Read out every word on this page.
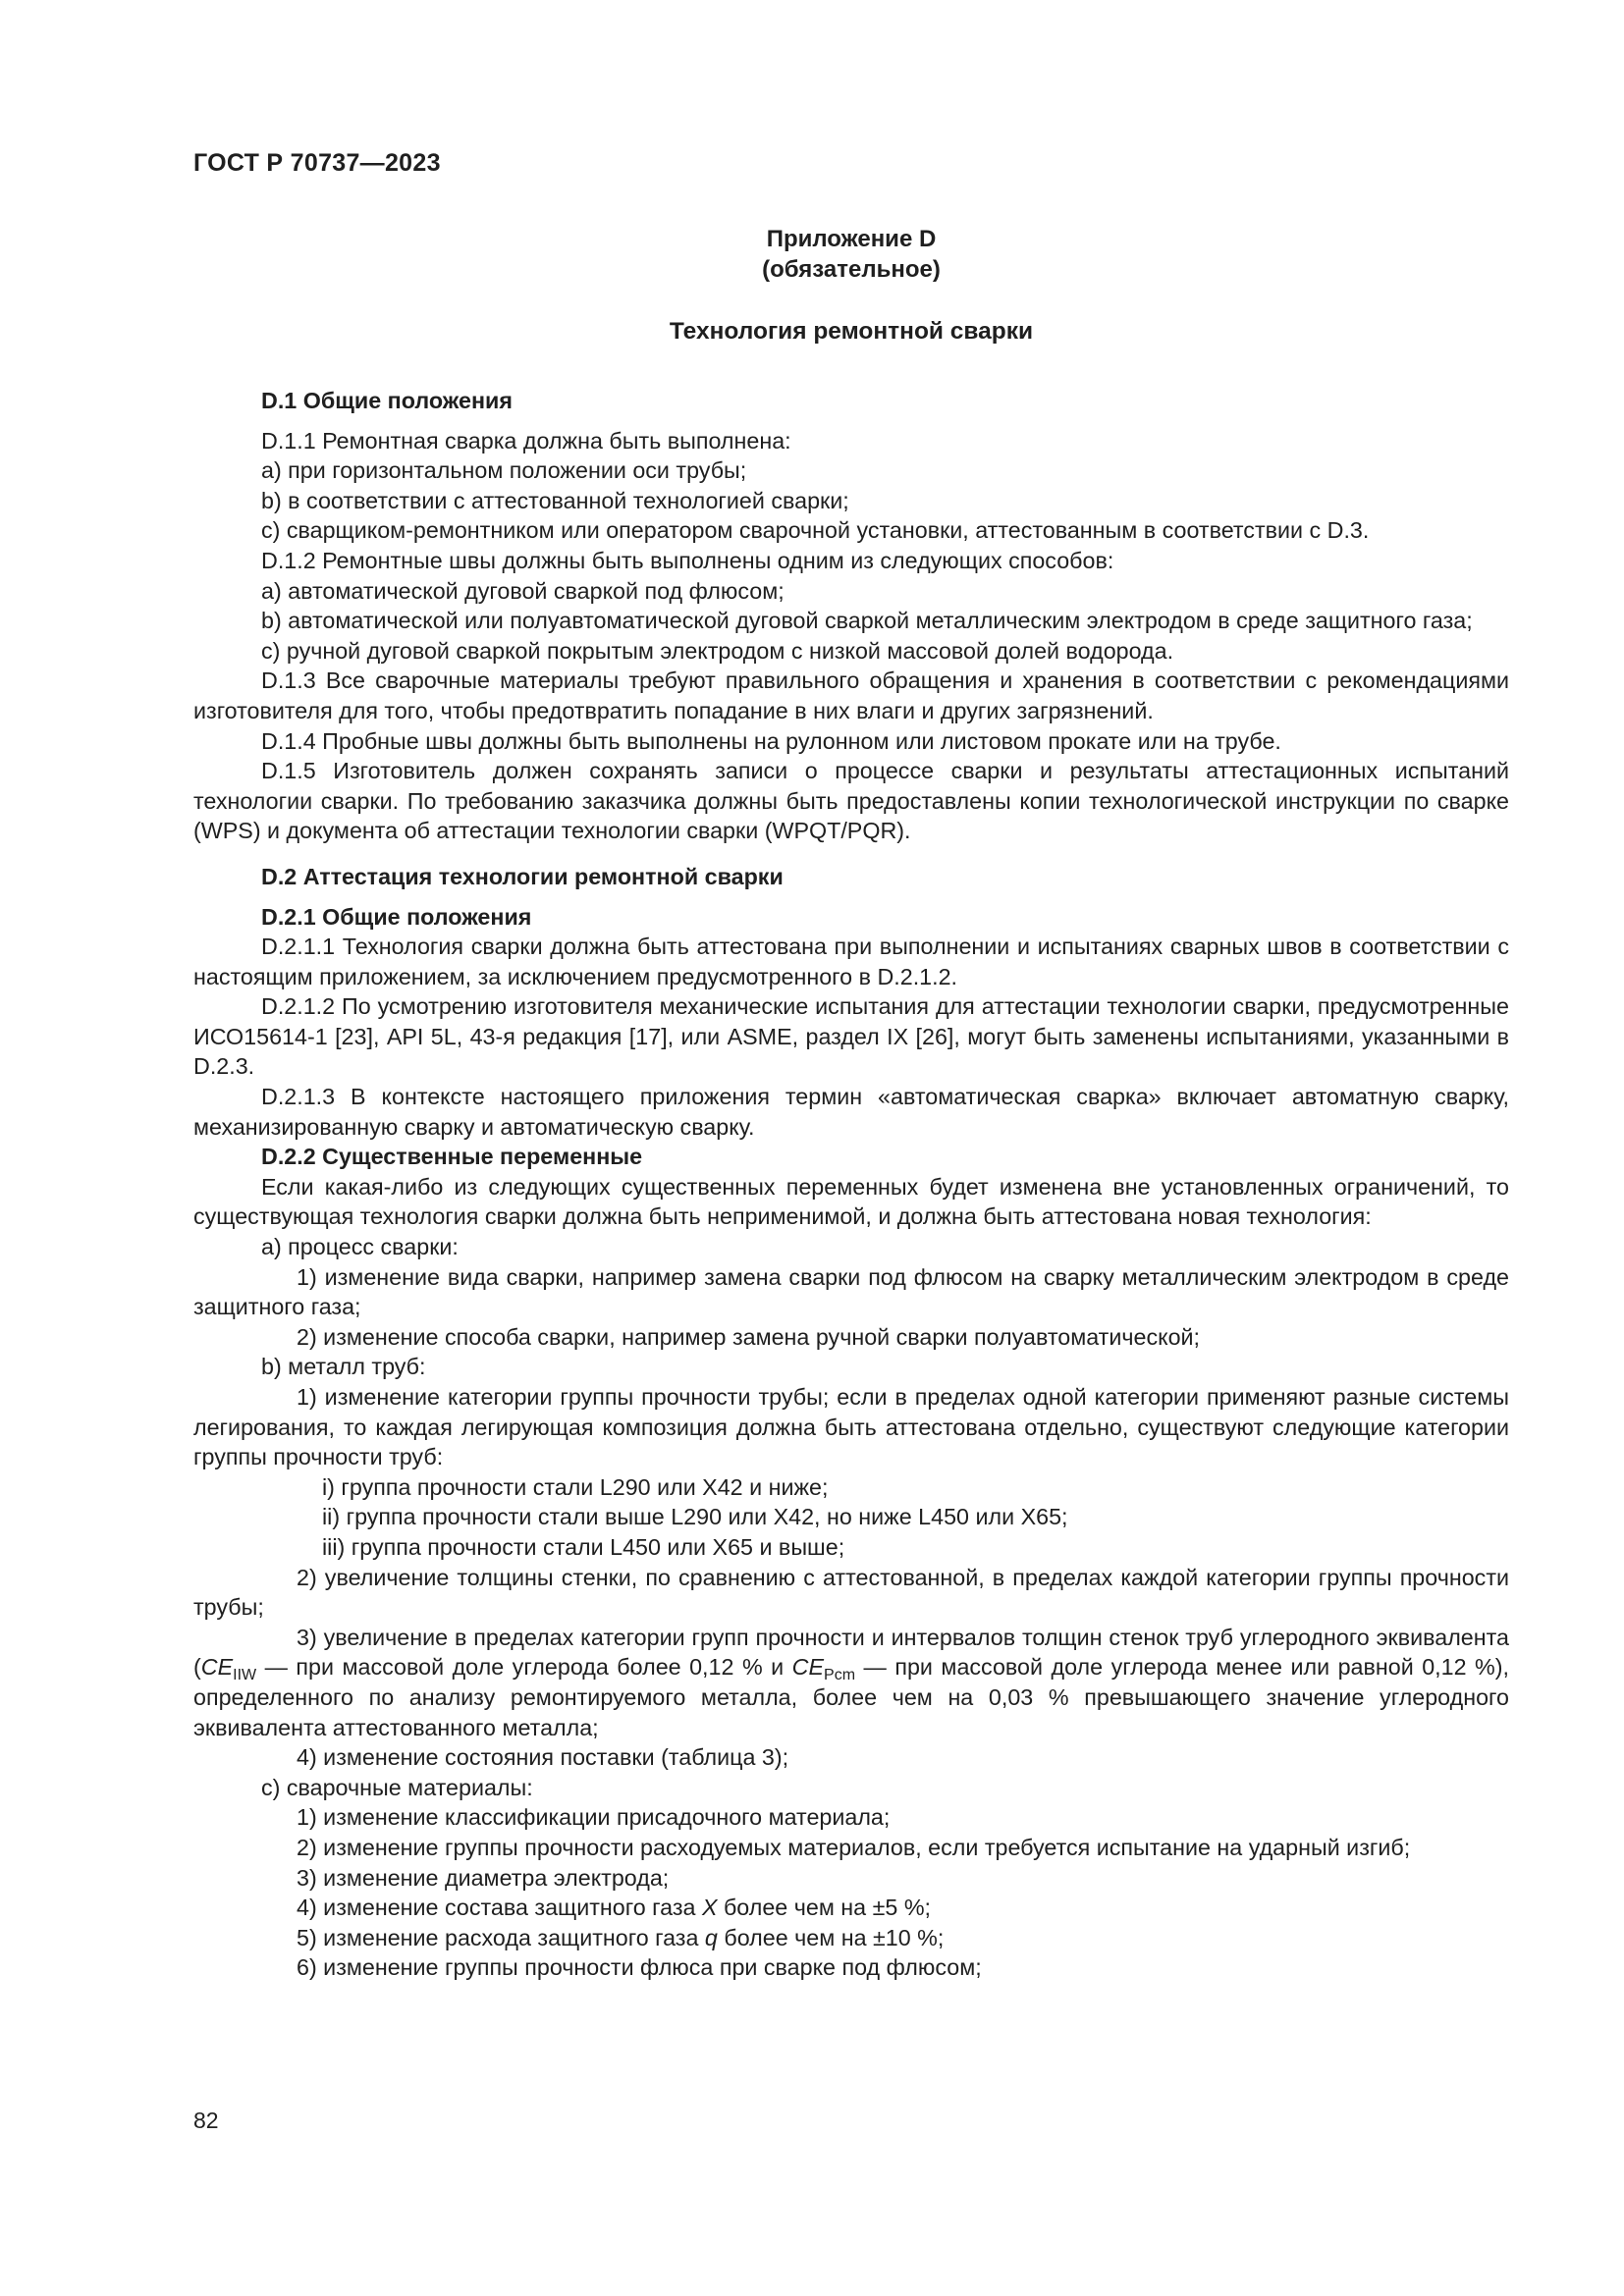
ГОСТ Р 70737—2023
Приложение D
(обязательное)
Технология ремонтной сварки
D.1 Общие положения
D.1.1 Ремонтная сварка должна быть выполнена:
a) при горизонтальном положении оси трубы;
b) в соответствии с аттестованной технологией сварки;
c) сварщиком-ремонтником или оператором сварочной установки, аттестованным в соответствии с D.3.
D.1.2 Ремонтные швы должны быть выполнены одним из следующих способов:
a) автоматической дуговой сваркой под флюсом;
b) автоматической или полуавтоматической дуговой сваркой металлическим электродом в среде защитного газа;
c) ручной дуговой сваркой покрытым электродом с низкой массовой долей водорода.
D.1.3 Все сварочные материалы требуют правильного обращения и хранения в соответствии с рекомендациями изготовителя для того, чтобы предотвратить попадание в них влаги и других загрязнений.
D.1.4 Пробные швы должны быть выполнены на рулонном или листовом прокате или на трубе.
D.1.5 Изготовитель должен сохранять записи о процессе сварки и результаты аттестационных испытаний технологии сварки. По требованию заказчика должны быть предоставлены копии технологической инструкции по сварке (WPS) и документа об аттестации технологии сварки (WPQT/PQR).
D.2 Аттестация технологии ремонтной сварки
D.2.1 Общие положения
D.2.1.1 Технология сварки должна быть аттестована при выполнении и испытаниях сварных швов в соответствии с настоящим приложением, за исключением предусмотренного в D.2.1.2.
D.2.1.2 По усмотрению изготовителя механические испытания для аттестации технологии сварки, предусмотренные ИСО15614-1 [23], API 5L, 43-я редакция [17], или ASME, раздел IX [26], могут быть заменены испытаниями, указанными в D.2.3.
D.2.1.3 В контексте настоящего приложения термин «автоматическая сварка» включает автоматную сварку, механизированную сварку и автоматическую сварку.
D.2.2 Существенные переменные
Если какая-либо из следующих существенных переменных будет изменена вне установленных ограничений, то существующая технология сварки должна быть неприменимой, и должна быть аттестована новая технология:
a) процесс сварки:
1) изменение вида сварки, например замена сварки под флюсом на сварку металлическим электродом в среде защитного газа;
2) изменение способа сварки, например замена ручной сварки полуавтоматической;
b) металл труб:
1) изменение категории группы прочности трубы; если в пределах одной категории применяют разные системы легирования, то каждая легирующая композиция должна быть аттестована отдельно, существуют следующие категории группы прочности труб:
i) группа прочности стали L290 или X42 и ниже;
ii) группа прочности стали выше L290 или X42, но ниже L450 или X65;
iii) группа прочности стали L450 или X65 и выше;
2) увеличение толщины стенки, по сравнению с аттестованной, в пределах каждой категории группы прочности трубы;
3) увеличение в пределах категории групп прочности и интервалов толщин стенок труб углеродного эквивалента ($CE_{IIW}$ — при массовой доле углерода более 0,12 % и $CE_{Pcm}$ — при массовой доле углерода менее или равной 0,12 %), определенного по анализу ремонтируемого металла, более чем на 0,03 % превышающего значение углеродного эквивалента аттестованного металла;
4) изменение состояния поставки (таблица 3);
c) сварочные материалы:
1) изменение классификации присадочного материала;
2) изменение группы прочности расходуемых материалов, если требуется испытание на ударный изгиб;
3) изменение диаметра электрода;
4) изменение состава защитного газа X более чем на ±5 %;
5) изменение расхода защитного газа q более чем на ±10 %;
6) изменение группы прочности флюса при сварке под флюсом;
82
